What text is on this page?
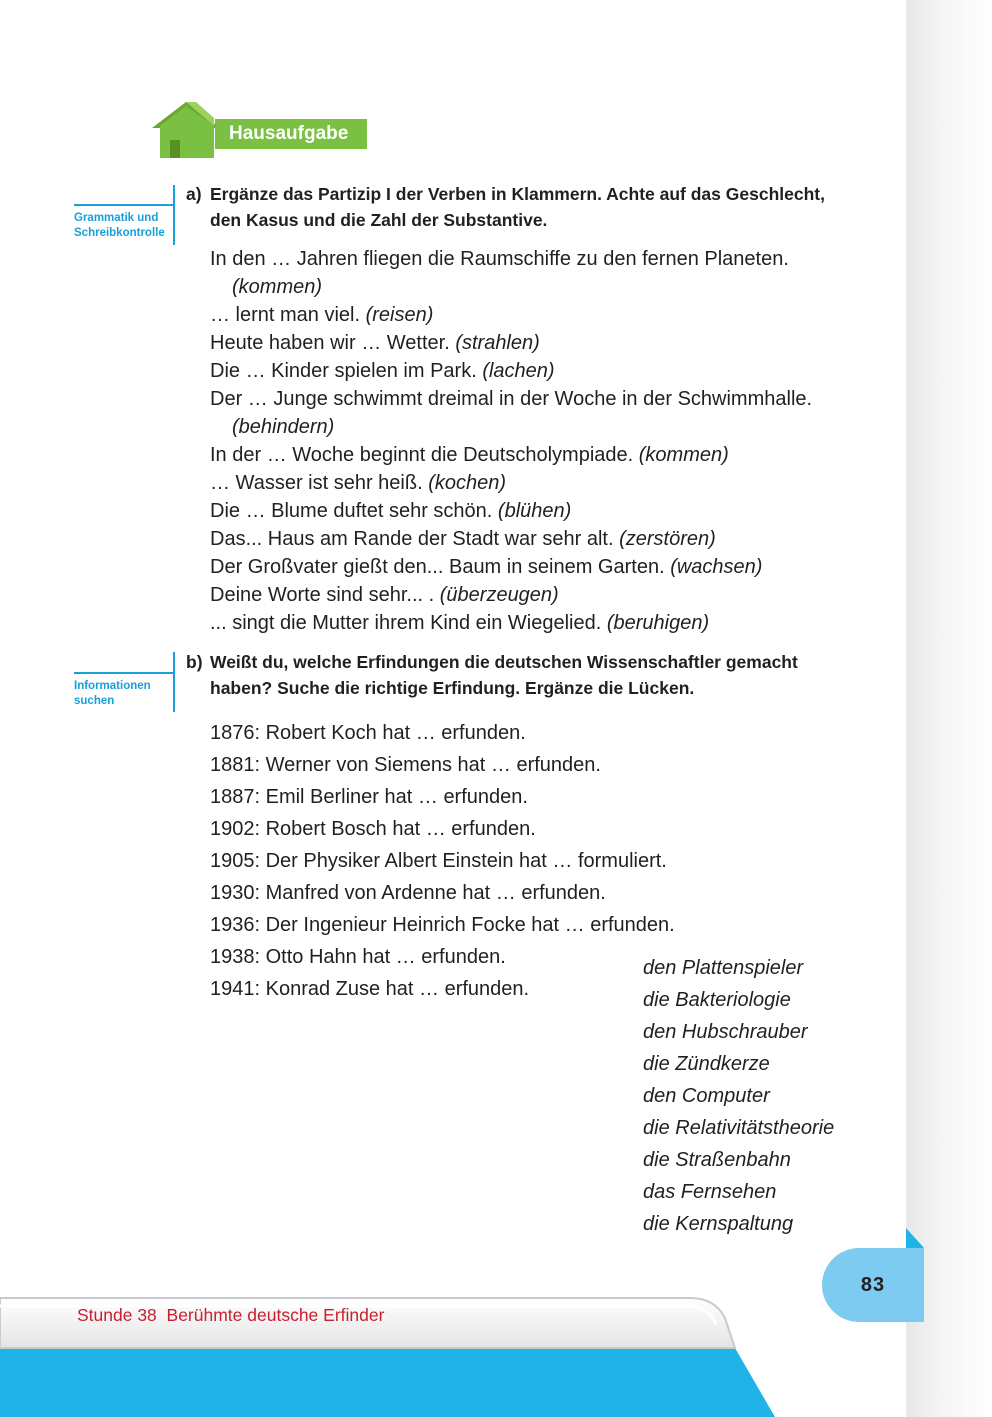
Hausaufgabe
Grammatik und Schreibkontrolle
a) Ergänze das Partizip I der Verben in Klammern. Achte auf das Geschlecht,
den Kasus und die Zahl der Substantive.
In den … Jahren fliegen die Raumschiffe zu den fernen Planeten.
(kommen)
… lernt man viel. (reisen)
Heute haben wir … Wetter. (strahlen)
Die … Kinder spielen im Park. (lachen)
Der … Junge schwimmt dreimal in der Woche in der Schwimmhalle.
(behindern)
In der … Woche beginnt die Deutscholympiade. (kommen)
… Wasser ist sehr heiß. (kochen)
Die … Blume duftet sehr schön. (blühen)
Das... Haus am Rande der Stadt war sehr alt. (zerstören)
Der Großvater gießt den... Baum in seinem Garten. (wachsen)
Deine Worte sind sehr... . (überzeugen)
... singt die Mutter ihrem Kind ein Wiegelied. (beruhigen)
Informationen suchen
b) Weißt du, welche Erfindungen die deutschen Wissenschaftler gemacht
haben? Suche die richtige Erfindung. Ergänze die Lücken.
1876: Robert Koch hat … erfunden.
1881: Werner von Siemens hat … erfunden.
1887: Emil Berliner hat … erfunden.
1902: Robert Bosch hat … erfunden.
1905: Der Physiker Albert Einstein hat … formuliert.
1930: Manfred von Ardenne hat … erfunden.
1936: Der Ingenieur Heinrich Focke hat … erfunden.
1938: Otto Hahn hat … erfunden.
1941: Konrad Zuse hat … erfunden.
den Plattenspieler
die Bakteriologie
den Hubschrauber
die Zündkerze
den Computer
die Relativitätstheorie
die Straßenbahn
das Fernsehen
die Kernspaltung
83
Stunde 38 Berühmte deutsche Erfinder
